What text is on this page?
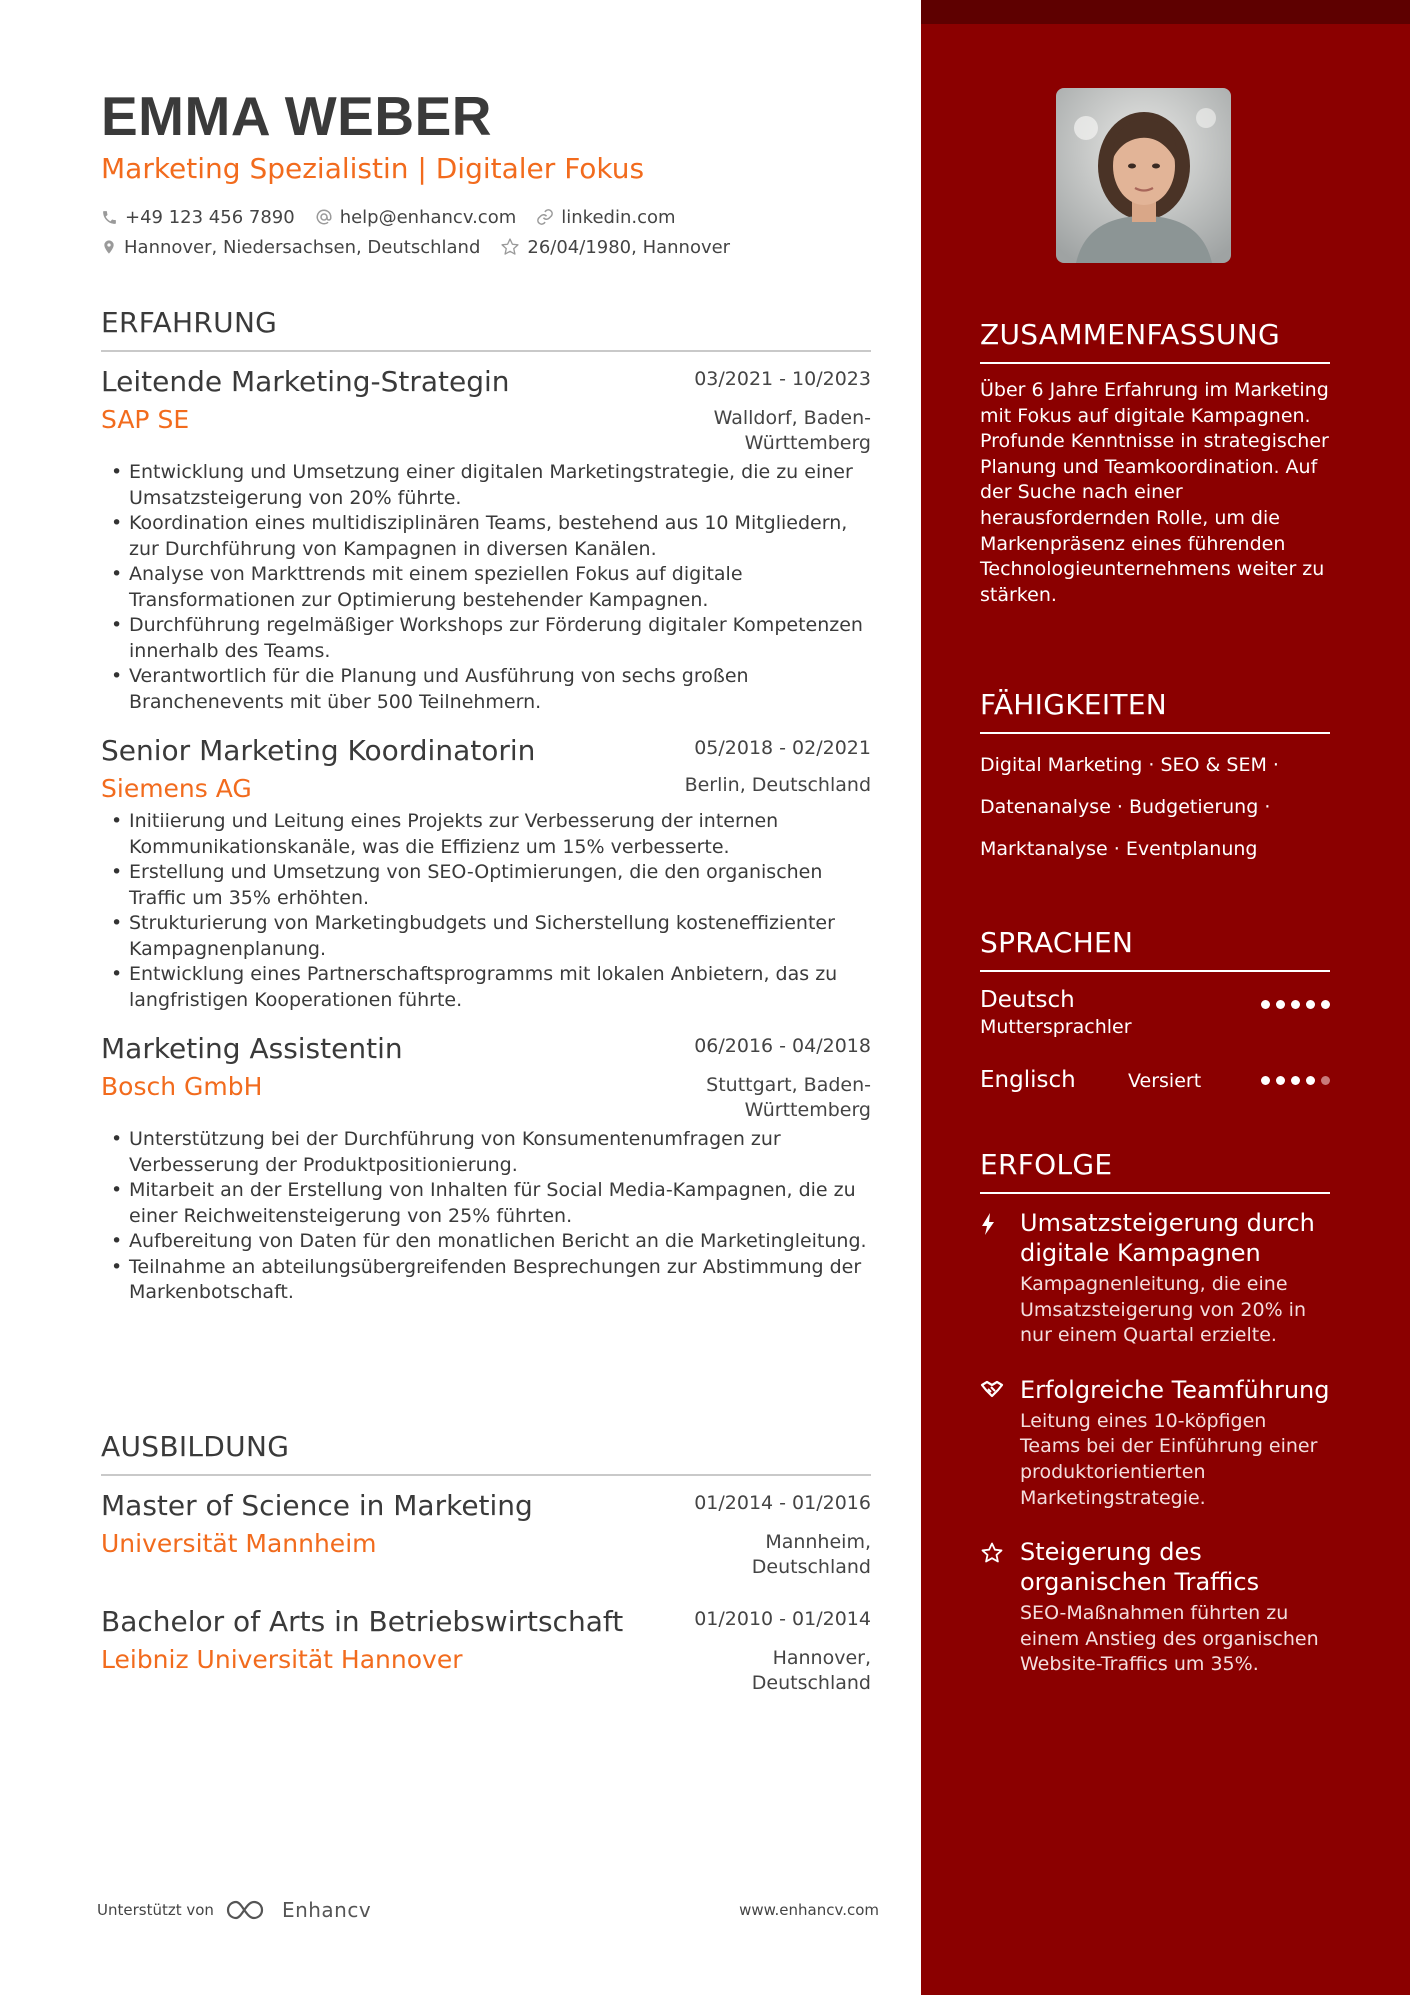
EMMA WEBER
Marketing Spezialistin | Digitaler Fokus
+49 123 456 7890	help@enhancv.com	linkedin.com
Hannover, Niedersachsen, Deutschland	26/04/1980, Hannover
ERFAHRUNG
Leitende Marketing-Strategin	03/2021 - 10/2023
SAP SE	Walldorf, Baden-
Württemberg
• Entwicklung und Umsetzung einer digitalen Marketingstrategie, die zu einer Umsatzsteigerung von 20% führte.
• Koordination eines multidisziplinären Teams, bestehend aus 10 Mitgliedern, zur Durchführung von Kampagnen in diversen Kanälen.
• Analyse von Markttrends mit einem speziellen Fokus auf digitale Transformationen zur Optimierung bestehender Kampagnen.
• Durchführung regelmäßiger Workshops zur Förderung digitaler Kompetenzen innerhalb des Teams.
• Verantwortlich für die Planung und Ausführung von sechs großen Branchenevents mit über 500 Teilnehmern.
Senior Marketing Koordinatorin	05/2018 - 02/2021
Siemens AG	Berlin, Deutschland
• Initiierung und Leitung eines Projekts zur Verbesserung der internen Kommunikationskanäle, was die Effizienz um 15% verbesserte.
• Erstellung und Umsetzung von SEO-Optimierungen, die den organischen Traffic um 35% erhöhten.
• Strukturierung von Marketingbudgets und Sicherstellung kosteneffizienter Kampagnenplanung.
• Entwicklung eines Partnerschaftsprogramms mit lokalen Anbietern, das zu langfristigen Kooperationen führte.
Marketing Assistentin	06/2016 - 04/2018
Bosch GmbH	Stuttgart, Baden-
Württemberg
• Unterstützung bei der Durchführung von Konsumentenumfragen zur Verbesserung der Produktpositionierung.
• Mitarbeit an der Erstellung von Inhalten für Social Media-Kampagnen, die zu einer Reichweitensteigerung von 25% führten.
• Aufbereitung von Daten für den monatlichen Bericht an die Marketingleitung.
• Teilnahme an abteilungsübergreifenden Besprechungen zur Abstimmung der Markenbotschaft.
AUSBILDUNG
Master of Science in Marketing	01/2014 - 01/2016
Universität Mannheim	Mannheim,
Deutschland
Bachelor of Arts in Betriebswirtschaft	01/2010 - 01/2014
Leibniz Universität Hannover	Hannover,
Deutschland
Unterstützt von	Enhancv	www.enhancv.com
ZUSAMMENFASSUNG
Über 6 Jahre Erfahrung im Marketing mit Fokus auf digitale Kampagnen. Profunde Kenntnisse in strategischer Planung und Teamkoordination. Auf der Suche nach einer herausfordernden Rolle, um die Markenpräsenz eines führenden Technologieunternehmens weiter zu stärken.
FÄHIGKEITEN
Digital Marketing · SEO & SEM ·
Datenanalyse · Budgetierung ·
Marktanalyse · Eventplanung
SPRACHEN
Deutsch
Muttersprachler
Englisch	Versiert
ERFOLGE
Umsatzsteigerung durch digitale Kampagnen
Kampagnenleitung, die eine Umsatzsteigerung von 20% in nur einem Quartal erzielte.
Erfolgreiche Teamführung
Leitung eines 10-köpfigen Teams bei der Einführung einer produktorientierten Marketingstrategie.
Steigerung des organischen Traffics
SEO-Maßnahmen führten zu einem Anstieg des organischen Website-Traffics um 35%.
